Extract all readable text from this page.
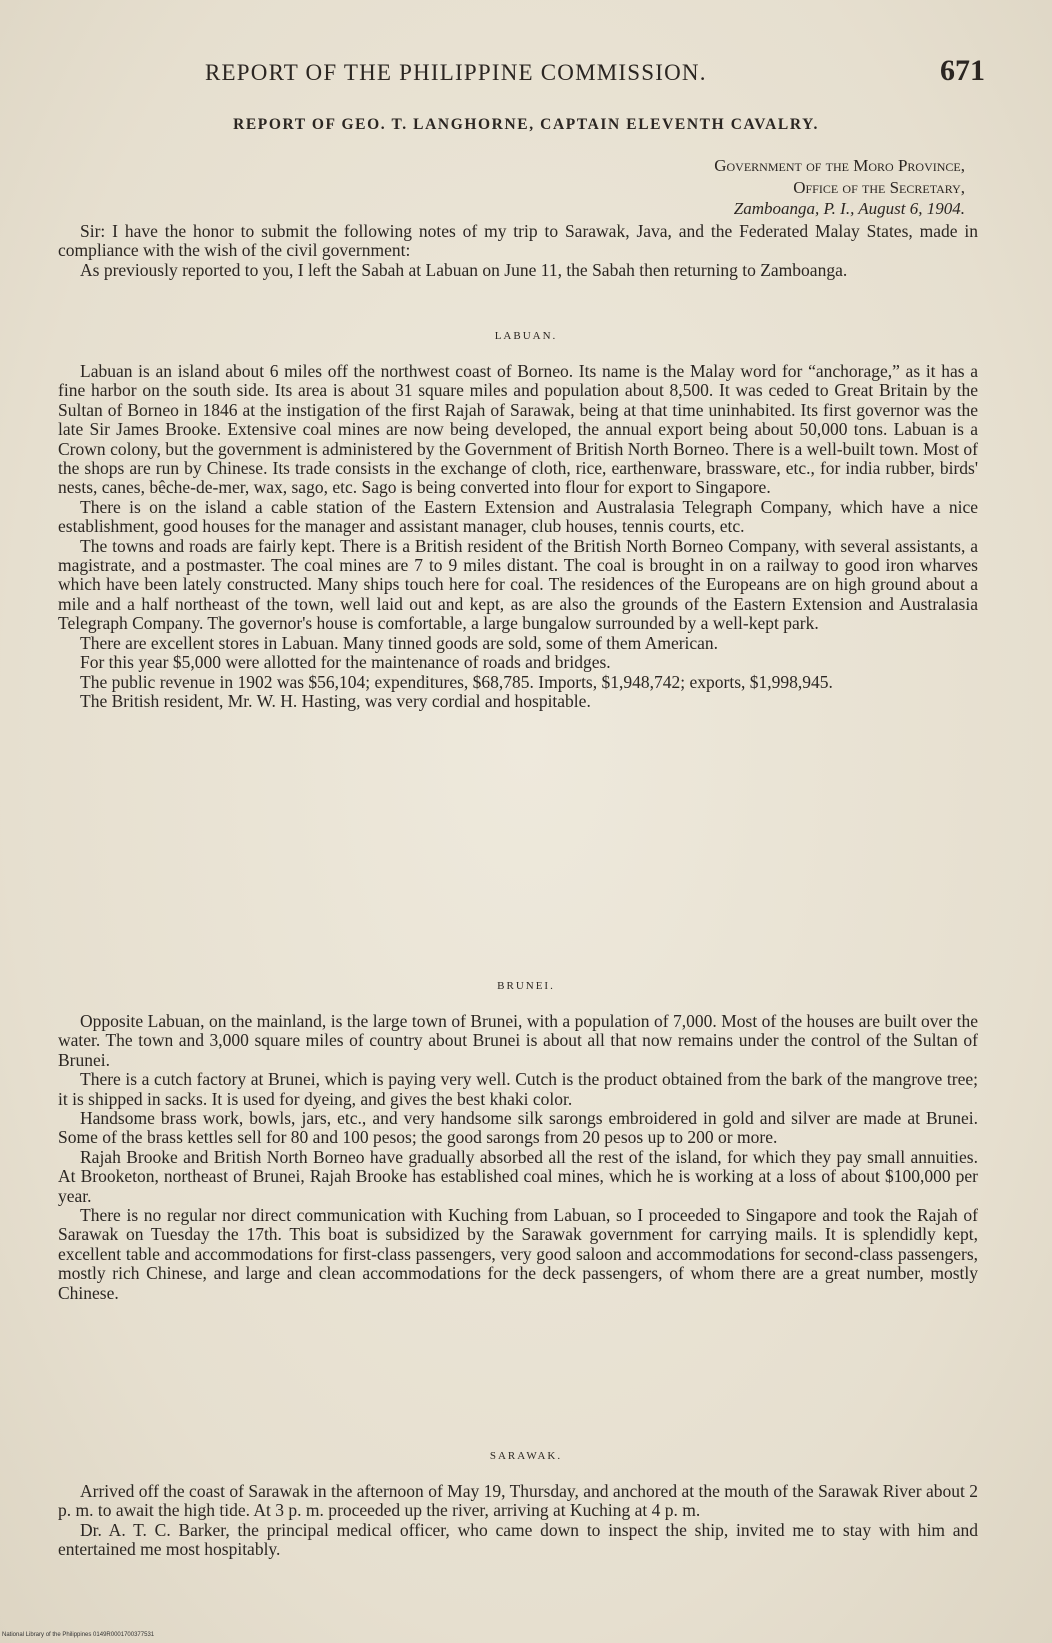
REPORT OF THE PHILIPPINE COMMISSION.	671
REPORT OF GEO. T. LANGHORNE, CAPTAIN ELEVENTH CAVALRY.
Government of the Moro Province,
Office of the Secretary,
Zamboanga, P. I., August 6, 1904.

Sir: I have the honor to submit the following notes of my trip to Sarawak, Java, and the Federated Malay States, made in compliance with the wish of the civil government:

As previously reported to you, I left the Sabah at Labuan on June 11, the Sabah then returning to Zamboanga.

LABUAN.

Labuan is an island about 6 miles off the northwest coast of Borneo. Its name is the Malay word for “anchorage,” as it has a fine harbor on the south side. Its area is about 31 square miles and population about 8,500. It was ceded to Great Britain by the Sultan of Borneo in 1846 at the instigation of the first Rajah of Sarawak, being at that time uninhabited. Its first governor was the late Sir James Brooke. Extensive coal mines are now being developed, the annual export being about 50,000 tons. Labuan is a Crown colony, but the government is administered by the Government of British North Borneo. There is a well-built town. Most of the shops are run by Chinese. Its trade consists in the exchange of cloth, rice, earthenware, brassware, etc., for india rubber, birds' nests, canes, bêche-de-mer, wax, sago, etc. Sago is being converted into flour for export to Singapore.

There is on the island a cable station of the Eastern Extension and Australasia Telegraph Company, which have a nice establishment, good houses for the manager and assistant manager, club houses, tennis courts, etc.

The towns and roads are fairly kept. There is a British resident of the British North Borneo Company, with several assistants, a magistrate, and a postmaster. The coal mines are 7 to 9 miles distant. The coal is brought in on a railway to good iron wharves which have been lately constructed. Many ships touch here for coal. The residences of the Europeans are on high ground about a mile and a half northeast of the town, well laid out and kept, as are also the grounds of the Eastern Extension and Australasia Telegraph Company. The governor's house is comfortable, a large bungalow surrounded by a well-kept park.

There are excellent stores in Labuan. Many tinned goods are sold, some of them American.

For this year $5,000 were allotted for the maintenance of roads and bridges.

The public revenue in 1902 was $56,104; expenditures, $68,785. Imports, $1,948,742; exports, $1,998,945.

The British resident, Mr. W. H. Hasting, was very cordial and hospitable.

BRUNEI.

Opposite Labuan, on the mainland, is the large town of Brunei, with a population of 7,000. Most of the houses are built over the water. The town and 3,000 square miles of country about Brunei is about all that now remains under the control of the Sultan of Brunei.

There is a cutch factory at Brunei, which is paying very well. Cutch is the product obtained from the bark of the mangrove tree; it is shipped in sacks. It is used for dyeing, and gives the best khaki color.

Handsome brass work, bowls, jars, etc., and very handsome silk sarongs embroidered in gold and silver are made at Brunei. Some of the brass kettles sell for 80 and 100 pesos; the good sarongs from 20 pesos up to 200 or more.

Rajah Brooke and British North Borneo have gradually absorbed all the rest of the island, for which they pay small annuities. At Brooketon, northeast of Brunei, Rajah Brooke has established coal mines, which he is working at a loss of about $100,000 per year.

There is no regular nor direct communication with Kuching from Labuan, so I proceeded to Singapore and took the Rajah of Sarawak on Tuesday the 17th. This boat is subsidized by the Sarawak government for carrying mails. It is splendidly kept, excellent table and accommodations for first-class passengers, very good saloon and accommodations for second-class passengers, mostly rich Chinese, and large and clean accommodations for the deck passengers, of whom there are a great number, mostly Chinese.

SARAWAK.

Arrived off the coast of Sarawak in the afternoon of May 19, Thursday, and anchored at the mouth of the Sarawak River about 2 p. m. to await the high tide. At 3 p. m. proceeded up the river, arriving at Kuching at 4 p. m.

Dr. A. T. C. Barker, the principal medical officer, who came down to inspect the ship, invited me to stay with him and entertained me most hospitably.

National Library of the Philippines 0149R0001700377531
